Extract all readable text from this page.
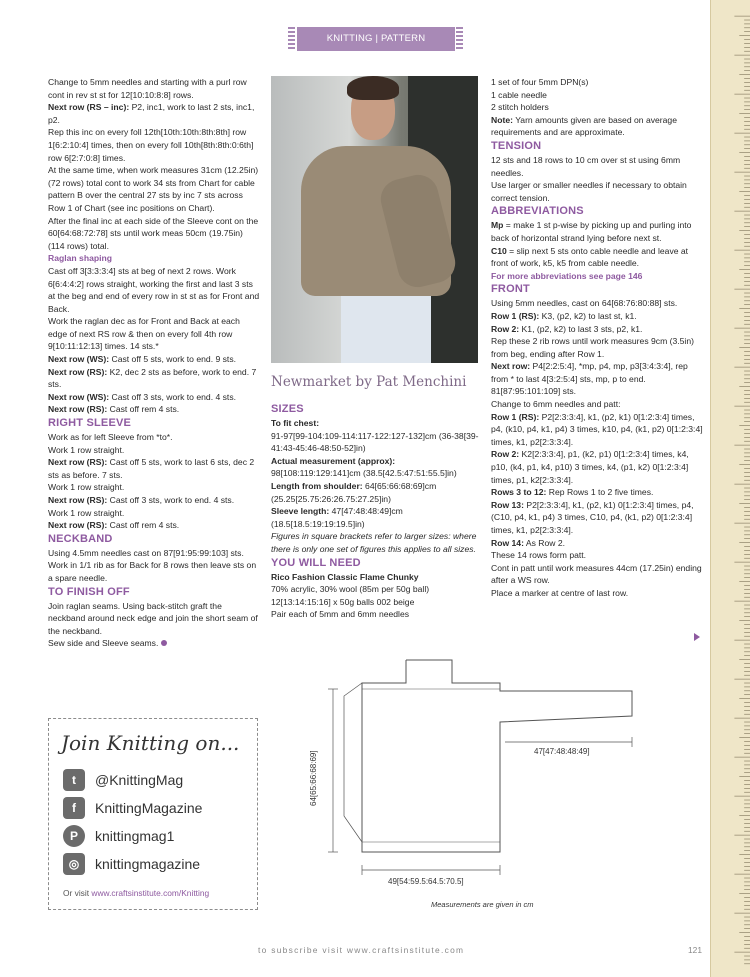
KNITTING | PATTERN INSTRUCTIONS

Change to 5mm needles and starting with a purl row cont in rev st st for 12[10:10:8:8] rows.

Next row (RS – inc): P2, inc1, work to last 2 sts, inc1, p2.

Rep this inc on every foll 12th[10th:10th:8th:8th] row 1[6:2:10:4] times, then on every foll 10th[8th:8th:0:6th] row 6[2:7:0:8] times.

At the same time, when work measures 31cm (12.25in) (72 rows) total cont to work 34 sts from Chart for cable pattern B over the central 27 sts by inc 7 sts across Row 1 of Chart (see inc positions on Chart).

After the final inc at each side of the Sleeve cont on the 60[64:68:72:78] sts until work meas 50cm (19.75in) (114 rows) total.

Raglan shaping

Cast off 3[3:3:3:4] sts at beg of next 2 rows. Work 6[6:4:4:2] rows straight, working the first and last 3 sts at the beg and end of every row in st st as for Front and Back.

Work the raglan dec as for Front and Back at each edge of next RS row & then on every foll 4th row 9[10:11:12:13] times. 14 sts.*

Next row (WS): Cast off 5 sts, work to end. 9 sts.

Next row (RS): K2, dec 2 sts as before, work to end. 7 sts.

Next row (WS): Cast off 3 sts, work to end. 4 sts.

Next row (RS): Cast off rem 4 sts.

RIGHT SLEEVE

Work as for left Sleeve from *to*.

Work 1 row straight.

Next row (RS): Cast off 5 sts, work to last 6 sts, dec 2 sts as before. 7 sts.

Work 1 row straight.

Next row (RS): Cast off 3 sts, work to end. 4 sts.

Work 1 row straight.

Next row (RS): Cast off rem 4 sts.

NECKBAND

Using 4.5mm needles cast on 87[91:95:99:103] sts.

Work in 1/1 rib as for Back for 8 rows then leave sts on a spare needle.

TO FINISH OFF

Join raglan seams. Using back-stitch graft the neckband around neck edge and join the short seam of the neckband.

Sew side and Sleeve seams.

Join Knitting on...
t	@KnittingMag
f	KnittingMagazine
P	knittingmag1
◎	knittingmagazine
Or visit www.craftsinstitute.com/Knitting
Newmarket by Pat Menchini

SIZES

To fit chest:

91-97[99-104:109-114:117-122:127-132]cm (36-38[39-41:43-45:46-48:50-52]in)

Actual measurement (approx):

98[108:119:129:141]cm (38.5[42.5:47:51:55.5]in)

Length from shoulder: 64[65:66:68:69]cm (25.25[25.75:26:26.75:27.25]in)

Sleeve length: 47[47:48:48:49]cm (18.5[18.5:19:19:19.5]in)

Figures in square brackets refer to larger sizes: where there is only one set of figures this applies to all sizes.

YOU WILL NEED

Rico Fashion Classic Flame Chunky

70% acrylic, 30% wool (85m per 50g ball)

12[13:14:15:16] x 50g balls 002 beige

Pair each of 5mm and 6mm needles

1 set of four 5mm DPN(s)

1 cable needle

2 stitch holders

Note: Yarn amounts given are based on average requirements and are approximate.

TENSION

12 sts and 18 rows to 10 cm over st st using 6mm needles.

Use larger or smaller needles if necessary to obtain correct tension.

ABBREVIATIONS

Mp = make 1 st p-wise by picking up and purling into back of horizontal strand lying before next st.

C10 = slip next 5 sts onto cable needle and leave at front of work, k5, k5 from cable needle.

For more abbreviations see page 146

FRONT

Using 5mm needles, cast on 64[68:76:80:88] sts.

Row 1 (RS): K3, (p2, k2) to last st, k1.

Row 2: K1, (p2, k2) to last 3 sts, p2, k1.

Rep these 2 rib rows until work measures 9cm (3.5in) from beg, ending after Row 1.

Next row: P4[2:2:5:4], *mp, p4, mp, p3[3:4:3:4], rep from * to last 4[3:2:5:4] sts, mp, p to end. 81[87:95:101:109] sts.

Change to 6mm needles and patt:

Row 1 (RS): P2[2:3:3:4], k1, (p2, k1) 0[1:2:3:4] times, p4, (k10, p4, k1, p4) 3 times, k10, p4, (k1, p2) 0[1:2:3:4] times, k1, p2[2:3:3:4].

Row 2: K2[2:3:3:4], p1, (k2, p1) 0[1:2:3:4] times, k4, p10, (k4, p1, k4, p10) 3 times, k4, (p1, k2) 0[1:2:3:4] times, p1, k2[2:3:3:4].

Rows 3 to 12: Rep Rows 1 to 2 five times.

Row 13: P2[2:3:3:4], k1, (p2, k1) 0[1:2:3:4] times, p4, (C10, p4, k1, p4) 3 times, C10, p4, (k1, p2) 0[1:2:3:4] times, k1, p2[2:3:3:4].

Row 14: As Row 2.

These 14 rows form patt.

Cont in patt until work measures 44cm (17.25in) ending after a WS row.

Place a marker at centre of last row.

64[65:66:68:69]	47[47:48:48:49]
49[54:59.5:64.5:70.5]
Measurements are given in cm
to subscribe visit www.craftsinstitute.com	121
